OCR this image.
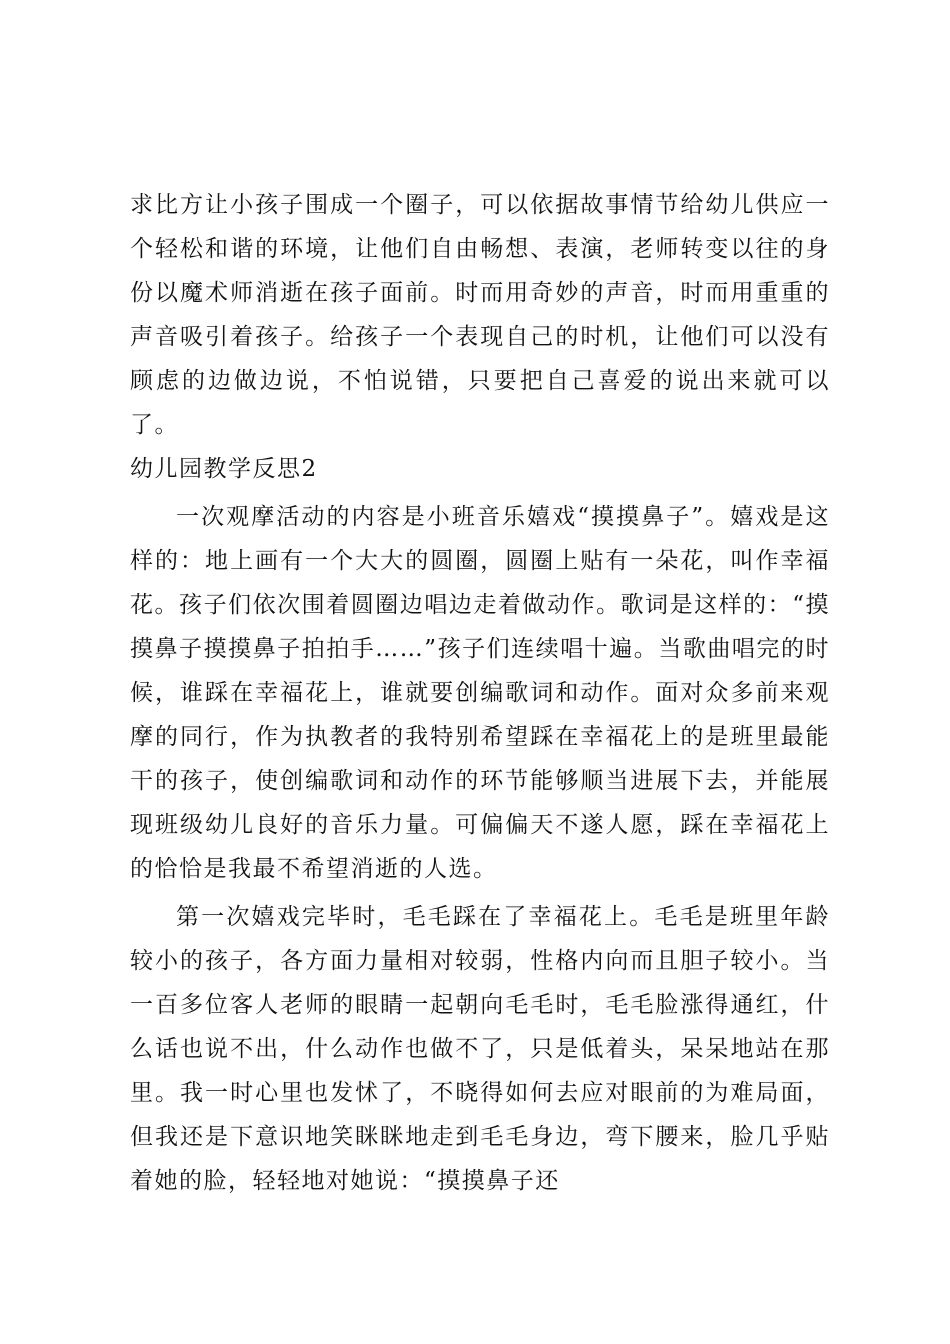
求比方让小孩子围成一个圈子，可以依据故事情节给幼儿供应一个轻松和谐的环境，让他们自由畅想、表演，老师转变以往的身份以魔术师消逝在孩子面前。时而用奇妙的声音，时而用重重的声音吸引着孩子。给孩子一个表现自己的时机，让他们可以没有顾虑的边做边说，不怕说错，只要把自己喜爱的说出来就可以了。

幼儿园教学反思2

一次观摩活动的内容是小班音乐嬉戏“摸摸鼻子”。嬉戏是这样的：地上画有一个大大的圆圈，圆圈上贴有一朵花，叫作幸福花。孩子们依次围着圆圈边唱边走着做动作。歌词是这样的：“摸摸鼻子摸摸鼻子拍拍手……”孩子们连续唱十遍。当歌曲唱完的时候，谁踩在幸福花上，谁就要创编歌词和动作。面对众多前来观摩的同行，作为执教者的我特别希望踩在幸福花上的是班里最能干的孩子，使创编歌词和动作的环节能够顺当进展下去，并能展现班级幼儿良好的音乐力量。可偏偏天不遂人愿，踩在幸福花上的恰恰是我最不希望消逝的人选。

第一次嬉戏完毕时，毛毛踩在了幸福花上。毛毛是班里年龄较小的孩子，各方面力量相对较弱，性格内向而且胆子较小。当一百多位客人老师的眼睛一起朝向毛毛时，毛毛脸涨得通红，什么话也说不出，什么动作也做不了，只是低着头，呆呆地站在那里。我一时心里也发怵了，不晓得如何去应对眼前的为难局面，但我还是下意识地笑眯眯地走到毛毛身边，弯下腰来，脸几乎贴着她的脸，轻轻地对她说：“摸摸鼻子还
